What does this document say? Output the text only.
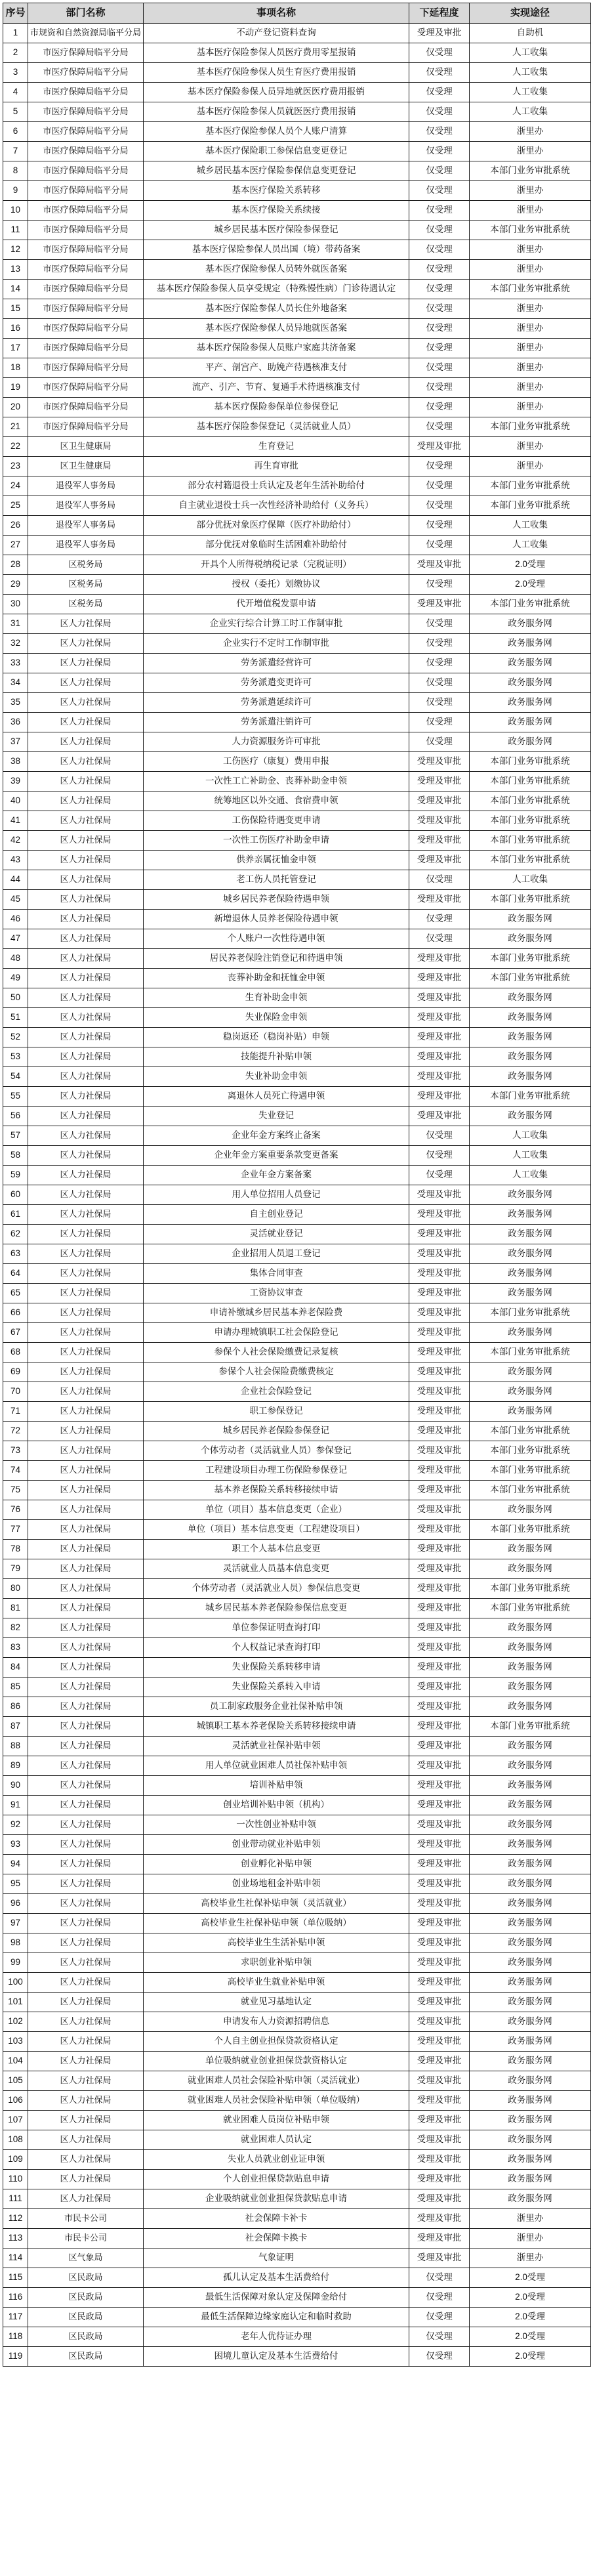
序号	部门名称	事项名称	下延程度	实现途径
1	市规资和自然资源局临平分局	不动产登记资料查询	受理及审批	自助机
2	市医疗保障局临平分局	基本医疗保险参保人员医疗费用零星报销	仅受理	人工收集
3	市医疗保障局临平分局	基本医疗保险参保人员生育医疗费用报销	仅受理	人工收集
4	市医疗保障局临平分局	基本医疗保险参保人员异地就医医疗费用报销	仅受理	人工收集
5	市医疗保障局临平分局	基本医疗保险参保人员就医医疗费用报销	仅受理	人工收集
6	市医疗保障局临平分局	基本医疗保险参保人员个人账户清算	仅受理	浙里办
7	市医疗保障局临平分局	基本医疗保险职工参保信息变更登记	仅受理	浙里办
8	市医疗保障局临平分局	城乡居民基本医疗保险参保信息变更登记	仅受理	本部门业务审批系统
9	市医疗保障局临平分局	基本医疗保险关系转移	仅受理	浙里办
10	市医疗保障局临平分局	基本医疗保险关系续接	仅受理	浙里办
11	市医疗保障局临平分局	城乡居民基本医疗保险参保登记	仅受理	本部门业务审批系统
12	市医疗保障局临平分局	基本医疗保险参保人员出国（境）带药备案	仅受理	浙里办
13	市医疗保障局临平分局	基本医疗保险参保人员转外就医备案	仅受理	浙里办
14	市医疗保障局临平分局	基本医疗保险参保人员享受规定（特殊慢性病）门诊待遇认定	仅受理	本部门业务审批系统
15	市医疗保障局临平分局	基本医疗保险参保人员长住外地备案	仅受理	浙里办
16	市医疗保障局临平分局	基本医疗保险参保人员异地就医备案	仅受理	浙里办
17	市医疗保障局临平分局	基本医疗保险参保人员账户家庭共济备案	仅受理	浙里办
18	市医疗保障局临平分局	平产、剖宫产、助娩产待遇核准支付	仅受理	浙里办
19	市医疗保障局临平分局	流产、引产、节育、复通手术待遇核准支付	仅受理	浙里办
20	市医疗保障局临平分局	基本医疗保险参保单位参保登记	仅受理	浙里办
21	市医疗保障局临平分局	基本医疗保险参保登记（灵活就业人员）	仅受理	本部门业务审批系统
22	区卫生健康局	生育登记	受理及审批	浙里办
23	区卫生健康局	再生育审批	仅受理	浙里办
24	退役军人事务局	部分农村籍退役士兵认定及老年生活补助给付	仅受理	本部门业务审批系统
25	退役军人事务局	自主就业退役士兵一次性经济补助给付（义务兵）	仅受理	本部门业务审批系统
26	退役军人事务局	部分优抚对象医疗保障（医疗补助给付）	仅受理	人工收集
27	退役军人事务局	部分优抚对象临时生活困难补助给付	仅受理	人工收集
28	区税务局	开具个人所得税纳税记录（完税证明）	受理及审批	2.0受理
29	区税务局	授权（委托）划缴协议	仅受理	2.0受理
30	区税务局	代开增值税发票申请	受理及审批	本部门业务审批系统
31	区人力社保局	企业实行综合计算工时工作制审批	仅受理	政务服务网
32	区人力社保局	企业实行不定时工作制审批	仅受理	政务服务网
33	区人力社保局	劳务派遣经营许可	仅受理	政务服务网
34	区人力社保局	劳务派遣变更许可	仅受理	政务服务网
35	区人力社保局	劳务派遣延续许可	仅受理	政务服务网
36	区人力社保局	劳务派遣注销许可	仅受理	政务服务网
37	区人力社保局	人力资源服务许可审批	仅受理	政务服务网
38	区人力社保局	工伤医疗（康复）费用申报	受理及审批	本部门业务审批系统
39	区人力社保局	一次性工亡补助金、丧葬补助金申领	受理及审批	本部门业务审批系统
40	区人力社保局	统筹地区以外交通、食宿费申领	受理及审批	本部门业务审批系统
41	区人力社保局	工伤保险待遇变更申请	受理及审批	本部门业务审批系统
42	区人力社保局	一次性工伤医疗补助金申请	受理及审批	本部门业务审批系统
43	区人力社保局	供养亲属抚恤金申领	受理及审批	本部门业务审批系统
44	区人力社保局	老工伤人员托管登记	仅受理	人工收集
45	区人力社保局	城乡居民养老保险待遇申领	受理及审批	本部门业务审批系统
46	区人力社保局	新增退休人员养老保险待遇申领	仅受理	政务服务网
47	区人力社保局	个人账户一次性待遇申领	仅受理	政务服务网
48	区人力社保局	居民养老保险注销登记和待遇申领	受理及审批	本部门业务审批系统
49	区人力社保局	丧葬补助金和抚恤金申领	受理及审批	本部门业务审批系统
50	区人力社保局	生育补助金申领	受理及审批	政务服务网
51	区人力社保局	失业保险金申领	受理及审批	政务服务网
52	区人力社保局	稳岗返还（稳岗补贴）申领	受理及审批	政务服务网
53	区人力社保局	技能提升补贴申领	受理及审批	政务服务网
54	区人力社保局	失业补助金申领	受理及审批	政务服务网
55	区人力社保局	离退休人员死亡待遇申领	受理及审批	本部门业务审批系统
56	区人力社保局	失业登记	受理及审批	政务服务网
57	区人力社保局	企业年金方案终止备案	仅受理	人工收集
58	区人力社保局	企业年金方案重要条款变更备案	仅受理	人工收集
59	区人力社保局	企业年金方案备案	仅受理	人工收集
60	区人力社保局	用人单位招用人员登记	受理及审批	政务服务网
61	区人力社保局	自主创业登记	受理及审批	政务服务网
62	区人力社保局	灵活就业登记	受理及审批	政务服务网
63	区人力社保局	企业招用人员退工登记	受理及审批	政务服务网
64	区人力社保局	集体合同审查	受理及审批	政务服务网
65	区人力社保局	工资协议审查	受理及审批	政务服务网
66	区人力社保局	申请补缴城乡居民基本养老保险费	受理及审批	本部门业务审批系统
67	区人力社保局	申请办理城镇职工社会保险登记	受理及审批	政务服务网
68	区人力社保局	参保个人社会保险缴费记录复核	受理及审批	本部门业务审批系统
69	区人力社保局	参保个人社会保险费缴费核定	受理及审批	政务服务网
70	区人力社保局	企业社会保险登记	受理及审批	政务服务网
71	区人力社保局	职工参保登记	受理及审批	政务服务网
72	区人力社保局	城乡居民养老保险参保登记	受理及审批	本部门业务审批系统
73	区人力社保局	个体劳动者（灵活就业人员）参保登记	受理及审批	本部门业务审批系统
74	区人力社保局	工程建设项目办理工伤保险参保登记	受理及审批	本部门业务审批系统
75	区人力社保局	基本养老保险关系转移接续申请	受理及审批	本部门业务审批系统
76	区人力社保局	单位（项目）基本信息变更（企业）	受理及审批	政务服务网
77	区人力社保局	单位（项目）基本信息变更（工程建设项目）	受理及审批	本部门业务审批系统
78	区人力社保局	职工个人基本信息变更	受理及审批	政务服务网
79	区人力社保局	灵活就业人员基本信息变更	受理及审批	政务服务网
80	区人力社保局	个体劳动者（灵活就业人员）参保信息变更	受理及审批	本部门业务审批系统
81	区人力社保局	城乡居民基本养老保险参保信息变更	受理及审批	本部门业务审批系统
82	区人力社保局	单位参保证明查询打印	受理及审批	政务服务网
83	区人力社保局	个人权益记录查询打印	受理及审批	政务服务网
84	区人力社保局	失业保险关系转移申请	受理及审批	政务服务网
85	区人力社保局	失业保险关系转入申请	受理及审批	政务服务网
86	区人力社保局	员工制家政服务企业社保补贴申领	受理及审批	政务服务网
87	区人力社保局	城镇职工基本养老保险关系转移接续申请	受理及审批	本部门业务审批系统
88	区人力社保局	灵活就业社保补贴申领	受理及审批	政务服务网
89	区人力社保局	用人单位就业困难人员社保补贴申领	受理及审批	政务服务网
90	区人力社保局	培训补贴申领	受理及审批	政务服务网
91	区人力社保局	创业培训补贴申领（机构）	受理及审批	政务服务网
92	区人力社保局	一次性创业补贴申领	受理及审批	政务服务网
93	区人力社保局	创业带动就业补贴申领	受理及审批	政务服务网
94	区人力社保局	创业孵化补贴申领	受理及审批	政务服务网
95	区人力社保局	创业场地租金补贴申领	受理及审批	政务服务网
96	区人力社保局	高校毕业生社保补贴申领（灵活就业）	受理及审批	政务服务网
97	区人力社保局	高校毕业生社保补贴申领（单位吸纳）	受理及审批	政务服务网
98	区人力社保局	高校毕业生生活补贴申领	受理及审批	政务服务网
99	区人力社保局	求职创业补贴申领	受理及审批	政务服务网
100	区人力社保局	高校毕业生就业补贴申领	受理及审批	政务服务网
101	区人力社保局	就业见习基地认定	受理及审批	政务服务网
102	区人力社保局	申请发布人力资源招聘信息	受理及审批	政务服务网
103	区人力社保局	个人自主创业担保贷款资格认定	受理及审批	政务服务网
104	区人力社保局	单位吸纳就业创业担保贷款资格认定	受理及审批	政务服务网
105	区人力社保局	就业困难人员社会保险补贴申领（灵活就业）	受理及审批	政务服务网
106	区人力社保局	就业困难人员社会保险补贴申领（单位吸纳）	受理及审批	政务服务网
107	区人力社保局	就业困难人员岗位补贴申领	受理及审批	政务服务网
108	区人力社保局	就业困难人员认定	受理及审批	政务服务网
109	区人力社保局	失业人员就业创业证申领	受理及审批	政务服务网
110	区人力社保局	个人创业担保贷款贴息申请	受理及审批	政务服务网
111	区人力社保局	企业吸纳就业创业担保贷款贴息申请	受理及审批	政务服务网
112	市民卡公司	社会保障卡补卡	受理及审批	浙里办
113	市民卡公司	社会保障卡换卡	受理及审批	浙里办
114	区气象局	气象证明	受理及审批	浙里办
115	区民政局	孤儿认定及基本生活费给付	仅受理	2.0受理
116	区民政局	最低生活保障对象认定及保障金给付	仅受理	2.0受理
117	区民政局	最低生活保障边缘家庭认定和临时救助	仅受理	2.0受理
118	区民政局	老年人优待证办理	仅受理	2.0受理
119	区民政局	困境儿童认定及基本生活费给付	仅受理	2.0受理
